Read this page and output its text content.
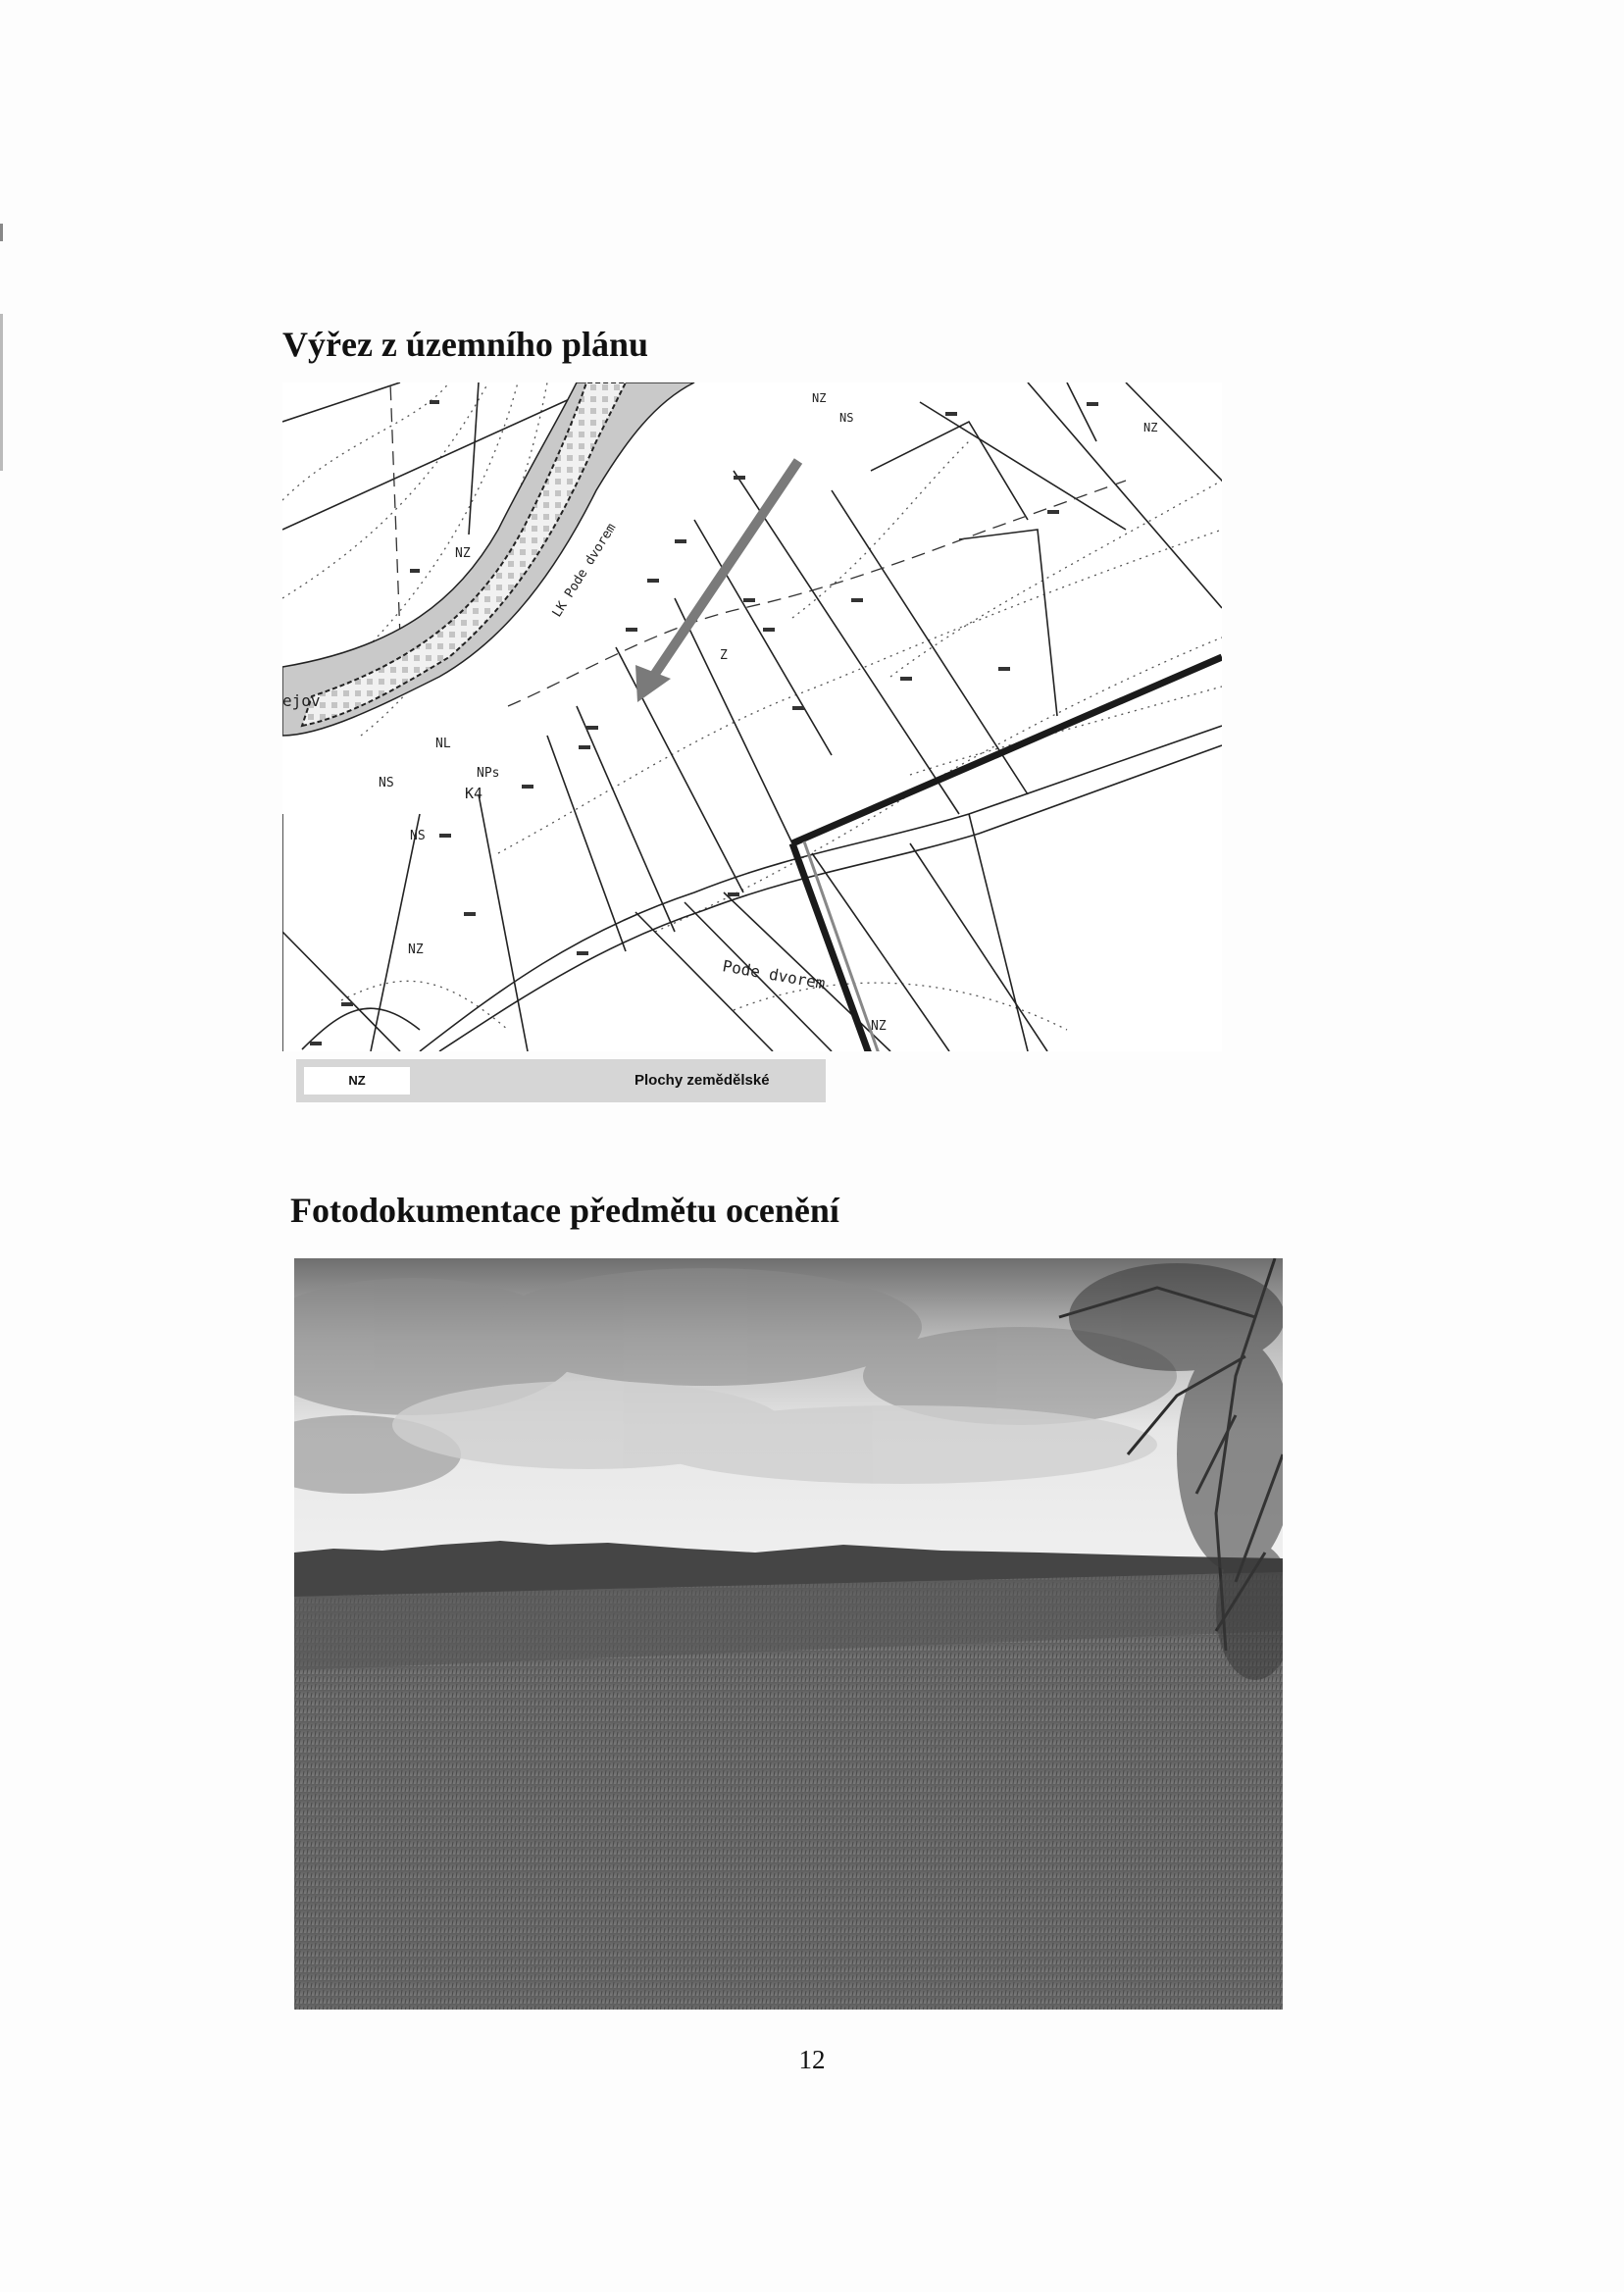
Výřez z územního plánu
ejov
NZ
NS
NZ
NZ
NL
NS
NPs
K4
NS
NZ
Z
LK Pode dvorem
Pode dvorem
NZ
NZ	Plochy zemědělské
Fotodokumentace předmětu ocenění
12
